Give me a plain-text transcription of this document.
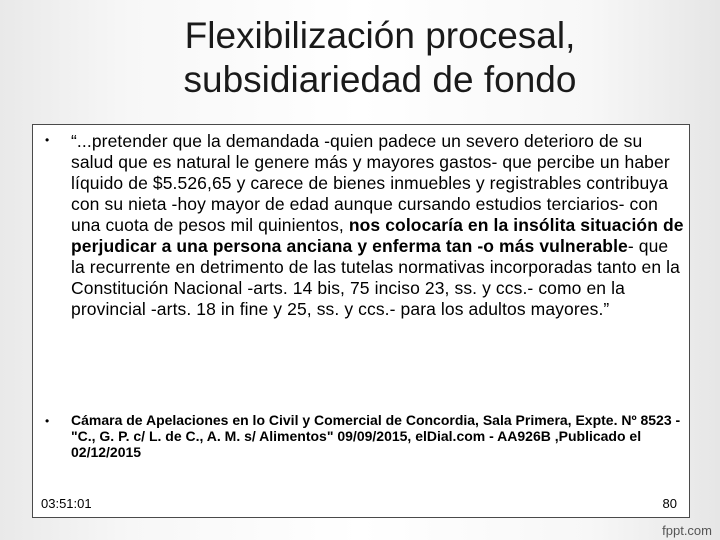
Flexibilización procesal,
subsidiariedad de fondo
• “...pretender que la demandada -quien padece un severo deterioro de su salud que es natural le genere más y mayores gastos- que percibe un haber líquido de $5.526,65 y carece de bienes inmuebles y registrables contribuya con su nieta -hoy mayor de edad aunque cursando estudios terciarios- con una cuota de pesos mil quinientos, nos colocaría en la insólita situación de perjudicar a una persona anciana y enferma tan -o más vulnerable- que la recurrente en detrimento de las tutelas normativas incorporadas tanto en la Constitución Nacional -arts. 14 bis, 75 inciso 23, ss. y ccs.- como en la provincial -arts. 18 in fine y 25, ss. y ccs.- para los adultos mayores.”
• Cámara de Apelaciones en lo Civil y Comercial de Concordia, Sala Primera, Expte. Nº 8523 - "C., G. P. c/ L. de C., A. M. s/ Alimentos" 09/09/2015, elDial.com - AA926B ,Publicado el 02/12/2015
03:51:01	80
fppt.com
